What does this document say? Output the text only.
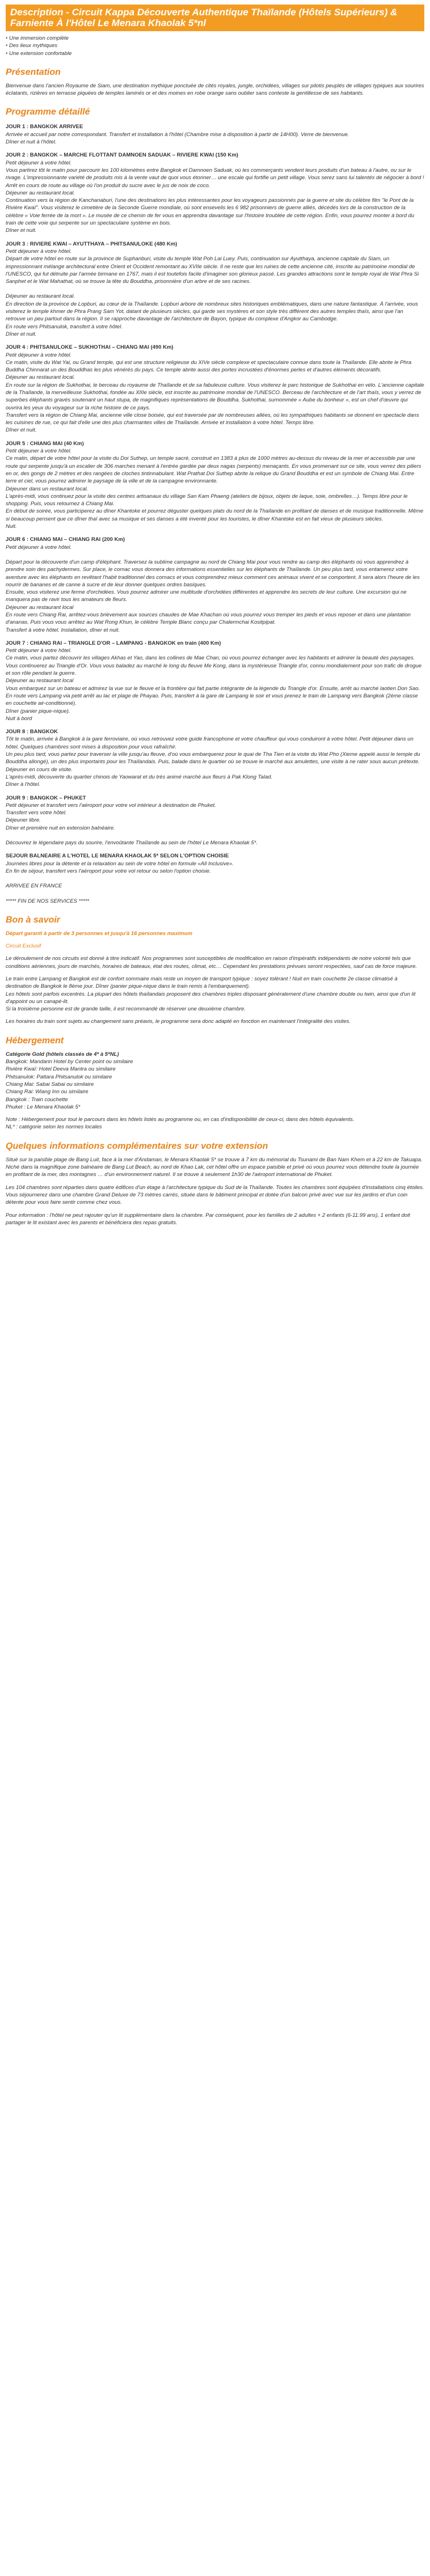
Description - Circuit Kappa Découverte Authentique Thaïlande (Hôtels Supérieurs) & Farniente À l'Hôtel Le Menara Khaolak 5*nl
• Une immersion complète
• Des lieux mythiques
• Une extension confortable
Présentation

Bienvenue dans l'ancien Royaume de Siam, une destination mythique ponctuée de cités royales, jungle, orchidées, villages sur pilotis peuplés de villages typiques aux sourires éclatants, rizières en terrasse piquées de temples laminés or et des moines en robe orange sans oublier sans conteste la gentillesse de ses habitants.

Programme détaillé

JOUR 1 : BANGKOK ARRIVEE

Arrivée et accueil par notre correspondant. Transfert et installation à l'hôtel (Chambre mise à disposition à partir de 14H00). Verre de bienvenue.

Dîner et nuit à l'hôtel.

JOUR 2 : BANGKOK – MARCHE FLOTTANT DAMNOEN SADUAK – RIVIERE KWAI (150 Km)

Petit déjeuner à votre hôtel.

Vous partirez tôt le matin pour parcourir les 100 kilomètres entre Bangkok et Damnoen Saduak, où les commerçants vendent leurs produits d'un bateau à l'autre, ou sur le rivage. L'impressionnante variété de produits mis à la vente vaut de quoi vous étonner… une escale qui fortifie un petit village. Vous serez sans lui talentés de négocier à bord !

Arrêt en cours de route au village où l'on produit du sucre avec le jus de noix de coco.

Déjeuner au restaurant local.

Continuation vers la région de Kanchanaburi, l'une des destinations les plus intéressantes pour les voyageurs passionnés par la guerre et site du célèbre film "le Pont de la Rivière Kwaï". Vous visiterez le cimetière de la Seconde Guerre mondiale, où sont ensevelis les 6 982 prisonniers de guerre alliés, décédés lors de la construction de la célèbre « Voie ferrée de la mort ». Le musée de ce chemin de fer vous en apprendra davantage sur l'histoire troublée de cette région. Enfin, vous pourrez monter à bord du train de cette voie qui serpente sur un spectaculaire système en bois.

Dîner et nuit.

JOUR 3 : RIVIERE KWAI – AYUTTHAYA – PHITSANULOKE (480 Km)

Petit déjeuner à votre hôtel.

Départ de votre hôtel en route sur la province de Suphanburi, visite du temple Wat Poh Lai Luey. Puis, continuation sur Ayutthaya, ancienne capitale du Siam, un impressionnant mélange architectural entre Orient et Occident remontant au XVIIe siècle. Il ne reste que les ruines de cette ancienne cité, inscrite au patrimoine mondial de l'UNESCO, qui fut détruite par l'armée birmane en 1767, mais il est toutefois facile d'imaginer son glorieux passé. Les grandes attractions sont le temple royal de Wat Phra Si Sanphet et le Wat Mahathat, où se trouve la tête du Bouddha, prisonnière d'un arbre et de ses racines.

Déjeuner au restaurant local.

En direction de la province de Lopburi, au cœur de la Thaïlande. Lopburi arbore de nombreux sites historiques emblématiques, dans une nature fantastique. À l'arrivée, vous visiterez le temple khmer de Phra Prang Sam Yot, datant de plusieurs siècles, qui garde ses mystères et son style très différent des autres temples thaïs, ainsi que l'an retrouve un peu partout dans la région. Il se rapproche davantage de l'architecture de Bayon, typique du complexe d'Angkor au Cambodge.

En route vers Phitsanulok, transfert à votre hôtel.

Dîner et nuit.

JOUR 4 : PHITSANULOKE – SUKHOTHAI – CHIANG MAI (490 Km)

Petit déjeuner à votre hôtel.

Ce matin, visite du Wat Yai, ou Grand temple, qui est une structure religieuse du XIVe siècle complexe et spectaculaire connue dans toute la Thaïlande. Elle abrite le Phra Buddha Chinnarat un des Bouddhas les plus vénérés du pays. Ce temple abrite aussi des portes incrustées d'énormes perles et d'autres éléments décoratifs.

Déjeuner au restaurant local.

En route sur la région de Sukhothai, le berceau du royaume de Thaïlande et de sa fabuleuse culture. Vous visiterez le parc historique de Sukhothai en vélo. L'ancienne capitale de la Thaïlande, la merveilleuse Sukhothai, fondée au XIIIe siècle, est inscrite au patrimoine mondial de l'UNESCO. Berceau de l'architecture et de l'art thaïs, vous y verrez de superbes éléphants gravés soutenant un haut stupa, de magnifiques représentations de Bouddha. Sukhothai, surnommée « Aube du bonheur », est un chef d'œuvre qui ouvrira les yeux du voyageur sur la riche histoire de ce pays.

Transfert vers la région de Chiang Mai, ancienne ville close boisée, qui est traversée par de nombreuses allées, où les sympathiques habitants se donnent en spectacle dans les cuisines de rue, ce qui fait d'elle une des plus charmantes villes de Thaïlande. Arrivée et installation à votre hôtel. Temps libre.

Dîner et nuit.

JOUR 5 : CHIANG MAI (40 Km)

Petit déjeuner à votre hôtel.

Ce matin, départ de votre hôtel pour la visite du Doi Suthep, un temple sacré, construit en 1383 à plus de 1000 mètres au-dessus du niveau de la mer et accessible par une route qui serpente jusqu'à un escalier de 306 marches menant à l'entrée gardée par deux nagas (serpents) menaçants. En vous promenant sur ce site, vous verrez des piliers en or, des gongs de 2 mètres et des rangées de cloches tintinnabulant. Wat Prathat Doi Suthep abrite la relique du Grand Bouddha et est un symbole de Chiang Mai. Entre terre et ciel, vous pourrez admirer le paysage de la ville et de la campagne environnante.

Déjeuner dans un restaurant local.

L'après-midi, vous continuez pour la visite des centres artisanaux du village San Kam Phaeng (ateliers de bijoux, objets de laque, soie, ombrelles…). Temps libre pour le shopping. Puis, vous retournez à Chiang Mai.

En début de soirée, vous participerez au dîner Khantoke et pourrez déguster quelques plats du nord de la Thaïlande en profitant de danses et de musique traditionnelle. Même si beaucoup pensent que ce dîner thaï avec sa musique et ses danses a été inventé pour les touristes, le dîner Khantoke est en fait vieux de plusieurs siècles.

Nuit.

JOUR 6 : CHIANG MAI – CHIANG RAI (200 Km)

Petit déjeuner à votre hôtel.

Départ pour la découverte d'un camp d'éléphant. Traversez la sublime campagne au nord de Chiang Mai pour vous rendre au camp des éléphants où vous apprendrez à prendre soin des pachydermes. Sur place, le cornac vous donnera des informations essentielles sur les éléphants de Thaïlande. Un peu plus tard, vous entamerez votre aventure avec les éléphants en revêtant l'habit traditionnel des cornacs et vous comprendrez mieux comment ces animaux vivent et se comportent. Il sera alors l'heure de les nourrir de bananes et de canne à sucre et de leur donner quelques ordres basiques.

Ensuite, vous visiterez une ferme d'orchidées. Vous pourrez admirer une multitude d'orchidées différentes et apprendre les secrets de leur culture. Une excursion qui ne manquera pas de ravir tous les amateurs de fleurs.

Déjeuner au restaurant local

En route vers Chiang Rai, arrêtez-vous brièvement aux sources chaudes de Mae Khachan où vous pourrez vous tremper les pieds et vous reposer et dans une plantation d'ananas. Puis vous vous arrêtez au Wat Rong Khun, le célèbre Temple Blanc conçu par Chalermchai Kositpipat.

Transfert à votre hôtel. Installation, dîner et nuit.

JOUR 7 : CHIANG RAI – TRIANGLE D'OR – LAMPANG - BANGKOK en train (400 Km)

Petit déjeuner à votre hôtel.

Ce matin, vous partez découvrir les villages Akhas et Yao, dans les collines de Mae Chan, où vous pourrez échanger avec les habitants et admirer la beauté des paysages. Vous continuerez au Triangle d'Or. Vous vous baladez au marché le long du fleuve Me Kong, dans la mystérieuse Triangle d'or, connu mondialement pour son trafic de drogue et son rôle pendant la guerre.

Déjeuner au restaurant local

Vous embarquez sur un bateau et admirez la vue sur le fleuve et la frontière qui fait partie intégrante de la légende du Triangle d'or. Ensuite, arrêt au marché laotien Don Sao.

En route vers Lampang via petit arrêt au lac et plage de Phayao. Puis, transfert à la gare de Lampang le soir et vous prenez le train de Lampang vers Bangkok (2ème classe en couchette air-conditionné).

Dîner (panier pique-nique).

Nuit à bord

JOUR 8 : BANGKOK

Tôt le matin, arrivée à Bangkok à la gare ferroviaire, où vous retrouvez votre guide francophone et votre chauffeur qui vous conduiront à votre hôtel. Petit déjeuner dans un hôtel. Quelques chambres sont mises à disposition pour vous rafraîchir.

Un peu plus tard, vous partez pour traverser la ville jusqu'au fleuve, d'où vous embarquerez pour le quai de Tha Tien et la visite du Wat Pho (Xieme appelé aussi le temple du Bouddha allongé), un des plus importants pour les Thaïlandais. Puis, balade dans le quartier où se trouve le marché aux amulettes, une visite à ne rater sous aucun prétexte. Déjeuner en cours de visite.

L'après-midi, découverte du quartier chinois de Yaowarat et du très animé marché aux fleurs à Pak Klong Talad.

Dîner à l'hôtel.

JOUR 9 : BANGKOK – PHUKET

Petit déjeuner et transfert vers l'aéroport pour votre vol intérieur à destination de Phuket.

Transfert vers votre hôtel.

Déjeuner libre.

Dîner et première nuit en extension balnéaire.

Découvrez le légendaire pays du sourire, l'envoûtante Thaïlande au sein de l'hôtel Le Menara Khaolak 5*.

SEJOUR BALNEAIRE A L'HOTEL LE MENARA KHAOLAK 5* SELON L'OPTION CHOISIE

Journées libres pour la détente et la relaxation au sein de votre hôtel en formule «All Inclusive».

En fin de séjour, transfert vers l'aéroport pour votre vol retour ou selon l'option choisie.

ARRIVEE EN FRANCE

***** FIN DE NOS SERVICES *****

Bon à savoir

Départ garanti à partir de 3 personnes et jusqu'à 16 personnes maximum

Circuit Exclusif

Le déroulement de nos circuits est donné à titre indicatif. Nos programmes sont susceptibles de modification en raison d'impératifs indépendants de notre volonté tels que conditions aériennes, jours de marchés, horaires de bateaux, état des routes, climat, etc… Cependant les prestations prévues seront respectées, sauf cas de force majeure.

Le train entre Lampang et Bangkok est de confort sommaire mais reste un moyen de transport typique : soyez tolérant ! Nuit en train couchette 2e classe climatisé à destination de Bangkok le 8ème jour. Dîner (panier pique-nique dans le train remis à l'embarquement).
Les hôtels sont parfois excentrés. La plupart des hôtels thaïlandais proposent des chambres triples disposant généralement d'une chambre double ou twin, ainsi que d'un lit d'appoint ou un canapé-lit.
Si la troisième personne est de grande taille, il est recommandé de réserver une deuxième chambre.

Les horaires du train sont sujets au changement sans préavis, le programme sera donc adapté en fonction en maintenant l'intégralité des visites.

Hébergement

Catégorie Gold (hôtels classés de 4* à 5*NL)

Bangkok: Mandarin Hotel by Center point ou similaire

Rivière Kwaï: Hotel Deeva Mantra ou similaire

Phitsanulok: Pattara Phitsanulok ou similaire

Chiang Mai: Sabai Sabai ou similaire

Chiang Rai: Wiang Inn ou similaire

Bangkok : Train couchette

Phuket : Le Menara Khaolak 5*

Note : Hébergement pour tout le parcours dans les hôtels listés au programme ou, en cas d'indisponibilité de ceux-ci, dans des hôtels équivalents.
NL* : catégorie selon les normes locales

Quelques informations complémentaires sur votre extension

Situé sur la paisible plage de Bang Luit, face à la mer d'Andaman, le Menara Khaolak 5* se trouve à 7 km du mémorial du Tsunami de Ban Nam Khem et à 22 km de Takuapa. Niché dans la magnifique zone balnéaire de Bang Lut Beach, au nord de Khao Lak, cet hôtel offre un espace paisible et privé où vous pourrez vous détendre toute la journée en profitant de la mer, des montagnes … d'un environnement naturel. Il se trouve à seulement 1h30 de l'aéroport international de Phuket.

Les 104 chambres sont réparties dans quatre édifices d'un étage à l'architecture typique du Sud de la Thaïlande. Toutes les chambres sont équipées d'installations cinq étoiles. Vous séjournerez dans une chambre Grand Deluxe de 73 mètres carrés, située dans le bâtiment principal et dotée d'un balcon privé avec vue sur les jardins et d'un coin détente pour vous faire sentir comme chez vous.

Pour information : l'hôtel ne peut rajouter qu'un lit supplémentaire dans la chambre. Par conséquent, pour les familles de 2 adultes + 2 enfants (6-11.99 ans), 1 enfant doit partager le lit existant avec les parents et bénéficiera des repas gratuits.
